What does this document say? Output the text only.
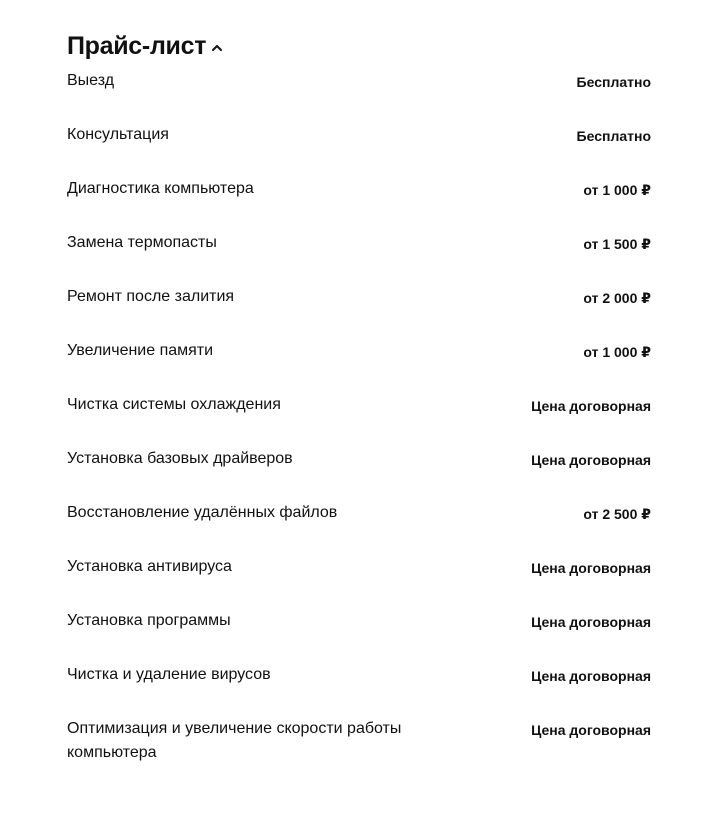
Прайс-лист
Выезд	Бесплатно
Консультация	Бесплатно
Диагностика компьютера	от 1 000 ₽
Замена термопасты	от 1 500 ₽
Ремонт после залития	от 2 000 ₽
Увеличение памяти	от 1 000 ₽
Чистка системы охлаждения	Цена договорная
Установка базовых драйверов	Цена договорная
Восстановление удалённых файлов	от 2 500 ₽
Установка антивируса	Цена договорная
Установка программы	Цена договорная
Чистка и удаление вирусов	Цена договорная
Оптимизация и увеличение скорости работы компьютера
Цена договорная
